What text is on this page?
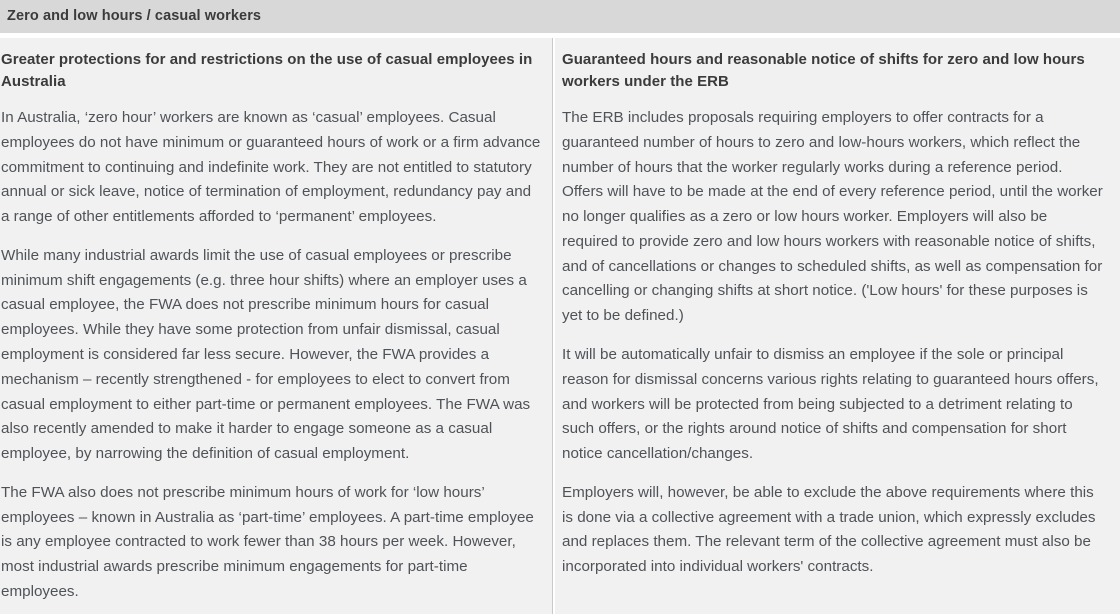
Zero and low hours / casual workers
Greater protections for and restrictions on the use of casual employees in Australia

In Australia, ‘zero hour’ workers are known as ‘casual’ employees. Casual employees do not have minimum or guaranteed hours of work or a firm advance commitment to continuing and indefinite work. They are not entitled to statutory annual or sick leave, notice of termination of employment, redundancy pay and a range of other entitlements afforded to ‘permanent’ employees.

While many industrial awards limit the use of casual employees or prescribe minimum shift engagements (e.g. three hour shifts) where an employer uses a casual employee, the FWA does not prescribe minimum hours for casual employees. While they have some protection from unfair dismissal, casual employment is considered far less secure. However, the FWA provides a mechanism – recently strengthened - for employees to elect to convert from casual employment to either part-time or permanent employees. The FWA was also recently amended to make it harder to engage someone as a casual employee, by narrowing the definition of casual employment.

The FWA also does not prescribe minimum hours of work for ‘low hours’ employees – known in Australia as ‘part-time’ employees. A part-time employee is any employee contracted to work fewer than 38 hours per week. However, most industrial awards prescribe minimum engagements for part-time employees.

Guaranteed hours and reasonable notice of shifts for zero and low hours workers under the ERB

The ERB includes proposals requiring employers to offer contracts for a guaranteed number of hours to zero and low-hours workers, which reflect the number of hours that the worker regularly works during a reference period. Offers will have to be made at the end of every reference period, until the worker no longer qualifies as a zero or low hours worker. Employers will also be required to provide zero and low hours workers with reasonable notice of shifts, and of cancellations or changes to scheduled shifts, as well as compensation for cancelling or changing shifts at short notice. ('Low hours' for these purposes is yet to be defined.)

It will be automatically unfair to dismiss an employee if the sole or principal reason for dismissal concerns various rights relating to guaranteed hours offers, and workers will be protected from being subjected to a detriment relating to such offers, or the rights around notice of shifts and compensation for short notice cancellation/changes.

Employers will, however, be able to exclude the above requirements where this is done via a collective agreement with a trade union, which expressly excludes and replaces them. The relevant term of the collective agreement must also be incorporated into individual workers' contracts.
